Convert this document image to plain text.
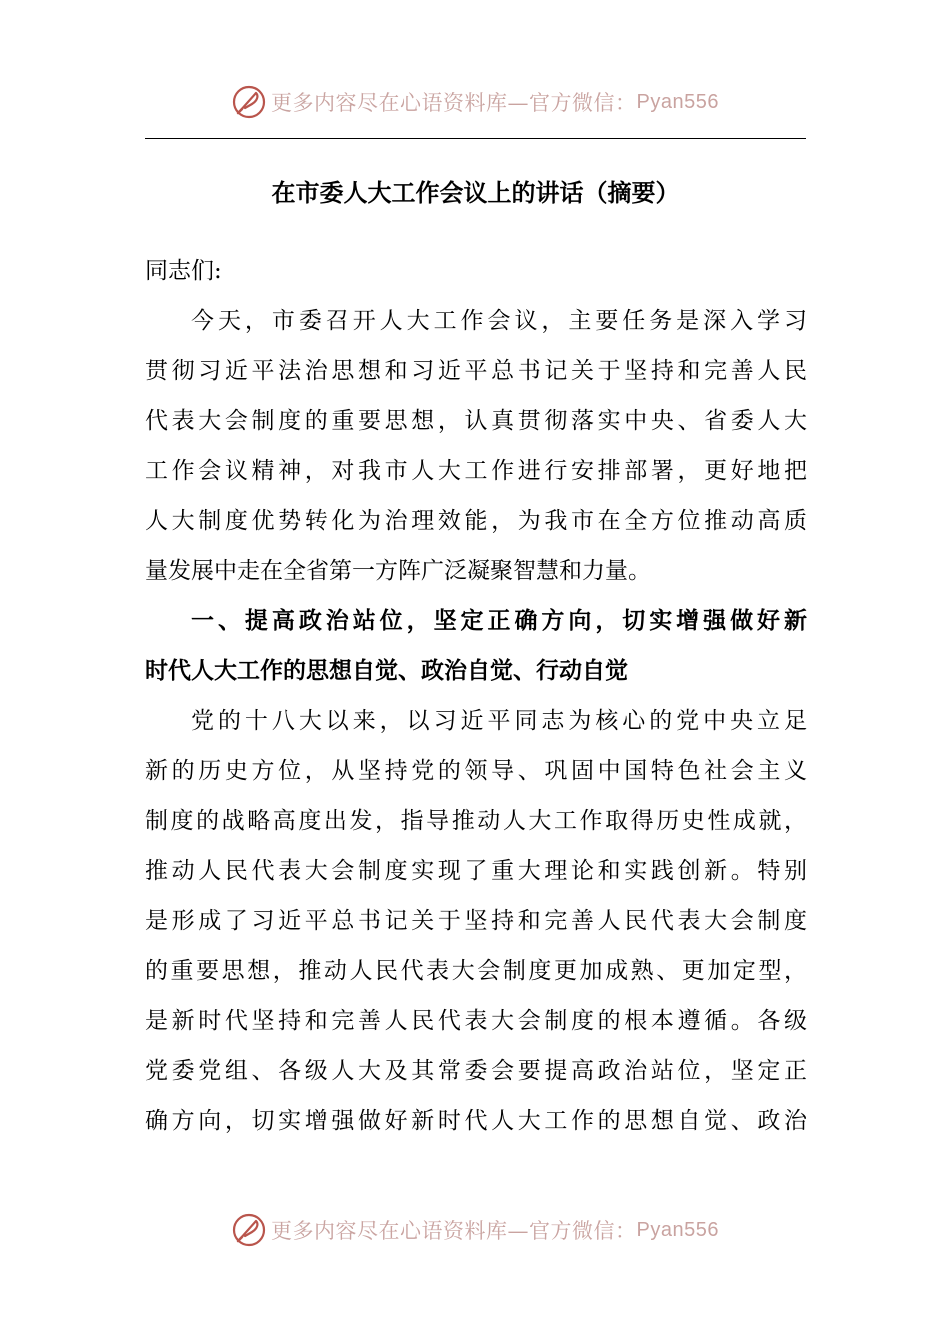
更多内容尽在心语资料库—官方微信： Pyan556
在市委人大工作会议上的讲话（摘要）

同志们:

今天，市委召开人大工作会议，主要任务是深入学习
贯彻习近平法治思想和习近平总书记关于坚持和完善人民
代表大会制度的重要思想，认真贯彻落实中央、省委人大
工作会议精神，对我市人大工作进行安排部署，更好地把
人大制度优势转化为治理效能，为我市在全方位推动高质
量发展中走在全省第一方阵广泛凝聚智慧和力量。

一、提高政治站位，坚定正确方向，切实增强做好新
时代人大工作的思想自觉、政治自觉、行动自觉

党的十八大以来，以习近平同志为核心的党中央立足
新的历史方位，从坚持党的领导、巩固中国特色社会主义
制度的战略高度出发，指导推动人大工作取得历史性成就，
推动人民代表大会制度实现了重大理论和实践创新。特别
是形成了习近平总书记关于坚持和完善人民代表大会制度
的重要思想，推动人民代表大会制度更加成熟、更加定型，
是新时代坚持和完善人民代表大会制度的根本遵循。各级
党委党组、各级人大及其常委会要提高政治站位，坚定正
确方向，切实增强做好新时代人大工作的思想自觉、政治

更多内容尽在心语资料库—官方微信： Pyan556
